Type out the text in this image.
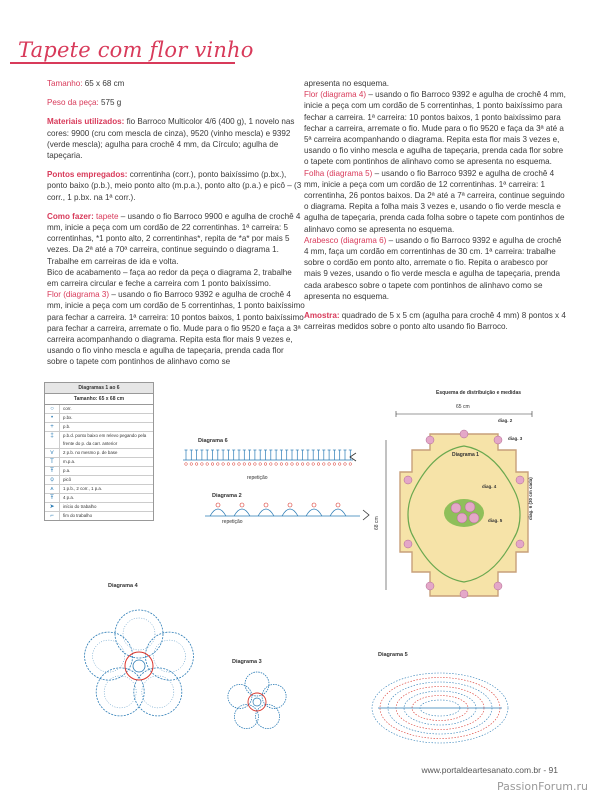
Tapete com flor vinho

Tamanho: 65 x 68 cm

Peso da peça: 575 g

Materiais utilizados: fio Barroco Multicolor 4/6 (400 g), 1 novelo nas cores: 9900 (cru com mescla de cinza), 9520 (vinho mescla) e 9392 (verde mescla); agulha para crochê 4 mm, da Círculo; agulha de tapeçaria.

Pontos empregados: correntinha (corr.), ponto baixíssimo (p.bx.), ponto baixo (p.b.), meio ponto alto (m.p.a.), ponto alto (p.a.) e picô – (3 corr., 1 p.bx. na 1ª corr.).

Como fazer: tapete – usando o fio Barroco 9900 e agulha de crochê 4 mm, inicie a peça com um cordão de 22 correntinhas. 1ª carreira: 5 correntinhas, *1 ponto alto, 2 correntinhas*, repita de *a* por mais 5 vezes. Da 2ª até a 70ª carreira, continue seguindo o diagrama 1. Trabalhe em carreiras de ida e volta.

Bico de acabamento – faça ao redor da peça o diagrama 2, trabalhe em carreira circular e feche a carreira com 1 ponto baixíssimo.

Flor (diagrama 3) – usando o fio Barroco 9392 e agulha de crochê 4 mm, inicie a peça com um cordão de 5 correntinhas, 1 ponto baixíssimo para fechar a carreira. 1ª carreira: 10 pontos baixos, 1 ponto baixíssimo para fechar a carreira, arremate o fio. Mude para o fio 9520 e faça a 3ª carreira acompanhando o diagrama. Repita esta flor mais 9 vezes e, usando o fio vinho mescla e agulha de tapeçaria, prenda cada flor sobre o tapete com pontinhos de alinhavo como se

apresenta no esquema.

Flor (diagrama 4) – usando o fio Barroco 9392 e agulha de crochê 4 mm, inicie a peça com um cordão de 5 correntinhas, 1 ponto baixíssimo para fechar a carreira. 1ª carreira: 10 pontos baixos, 1 ponto baixíssimo para fechar a carreira, arremate o fio. Mude para o fio 9520 e faça da 3ª até a 5ª carreira acompanhando o diagrama. Repita esta flor mais 3 vezes e, usando o fio vinho mescla e agulha de tapeçaria, prenda cada flor sobre o tapete com pontinhos de alinhavo como se apresenta no esquema.

Folha (diagrama 5) – usando o fio Barroco 9392 e agulha de crochê 4 mm, inicie a peça com um cordão de 12 correntinhas. 1ª carreira: 1 correntinha, 26 pontos baixos. Da 2ª até a 7ª carreira, continue seguindo o diagrama. Repita a folha mais 3 vezes e, usando o fio verde mescla e agulha de tapeçaria, prenda cada folha sobre o tapete com pontinhos de alinhavo como se apresenta no esquema.

Arabesco (diagrama 6) – usando o fio Barroco 9392 e agulha de crochê 4 mm, faça um cordão em correntinhas de 30 cm. 1ª carreira: trabalhe sobre o cordão em ponto alto, arremate o fio. Repita o arabesco por mais 9 vezes, usando o fio verde mescla e agulha de tapeçaria, prenda cada arabesco sobre o tapete com pontinhos de alinhavo como se apresenta no esquema.

Amostra: quadrado de 5 x 5 cm (agulha para crochê 4 mm) 8 pontos x 4 carreiras medidos sobre o ponto alto usando fio Barroco.

Diagramas 1 ao 6
Tamanho: 65 x 68 cm
○	corr.
•	p.bx.
+	p.b.
‡	p.b.d. ponto baixo em relevo pegando pela frente do p. da carr. anterior
⋎	2 p.b. no mesmo p. de base
T	m.p.a.
Ŧ	p.a.
ọ	picô
⩚	1 p.b., 2 corr., 1 p.a.
Ŧ	4 p.a.
➤	início do trabalho
⌐	fim do trabalho
Diagrama 6
repetição
Diagrama 2
repetição
Esquema de distribuição e medidas
65 cm
diag. 2
diag. 3
Diagrama 1
diag. 4
diag. 5
diag. 6 (30 cm cada)
68 cm
Diagrama 4
Diagrama 3
Diagrama 5
www.portaldeartesanato.com.br - 91
PassionForum.ru
